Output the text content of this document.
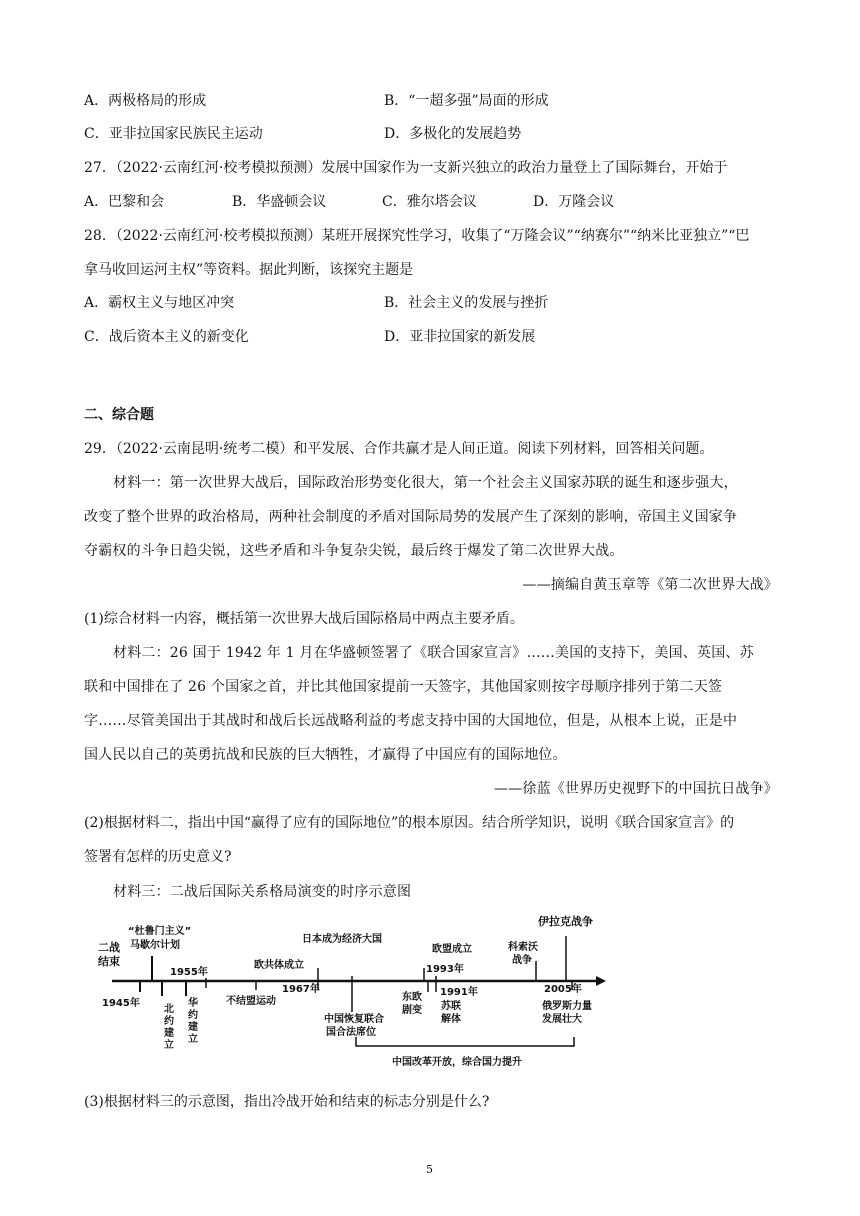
A．两极格局的形成	B．“一超多强”局面的形成
C．亚非拉国家民族民主运动	D．多极化的发展趋势
27．（2022·云南红河·校考模拟预测）发展中国家作为一支新兴独立的政治力量登上了国际舞台，开始于
A．巴黎和会	B．华盛顿会议	C．雅尔塔会议	D．万隆会议
28．（2022·云南红河·校考模拟预测）某班开展探究性学习，收集了“万隆会议”“纳赛尔”“纳米比亚独立”“巴
拿马收回运河主权”等资料。据此判断，该探究主题是
A．霸权主义与地区冲突	B．社会主义的发展与挫折
C．战后资本主义的新变化	D．亚非拉国家的新发展
二、综合题
29．（2022·云南昆明·统考二模）和平发展、合作共赢才是人间正道。阅读下列材料，回答相关问题。
材料一：第一次世界大战后，国际政治形势变化很大，第一个社会主义国家苏联的诞生和逐步强大，
改变了整个世界的政治格局，两种社会制度的矛盾对国际局势的发展产生了深刻的影响，帝国主义国家争
夺霸权的斗争日趋尖锐，这些矛盾和斗争复杂尖锐，最后终于爆发了第二次世界大战。
——摘编自黄玉章等《第二次世界大战》
(1)综合材料一内容，概括第一次世界大战后国际格局中两点主要矛盾。
材料二：26 国于 1942 年 1 月在华盛顿签署了《联合国家宣言》……美国的支持下，美国、英国、苏
联和中国排在了 26 个国家之首，并比其他国家提前一天签字，其他国家则按字母顺序排列于第二天签
字……尽管美国出于其战时和战后长远战略利益的考虑支持中国的大国地位，但是，从根本上说，正是中
国人民以自己的英勇抗战和民族的巨大牺牲，才赢得了中国应有的国际地位。
——徐蓝《世界历史视野下的中国抗日战争》
(2)根据材料二，指出中国“赢得了应有的国际地位”的根本原因。结合所学知识，说明《联合国家宣言》的
签署有怎样的历史意义?
材料三：二战后国际关系格局演变的时序示意图
二战
结束
1945年
“杜鲁门主义”
马歇尔计划
1955年
北
约
建
立
华
约
建
立
不结盟运动
欧共体成立
1967年
日本成为经济大国
中国恢复联合
国合法席位
东欧
剧变
欧盟成立
1993年
1991年
苏联
解体
科索沃
战争
伊拉克战争
2005年
俄罗斯力量
发展壮大
中国改革开放，综合国力提升
(3)根据材料三的示意图，指出冷战开始和结束的标志分别是什么?
5
